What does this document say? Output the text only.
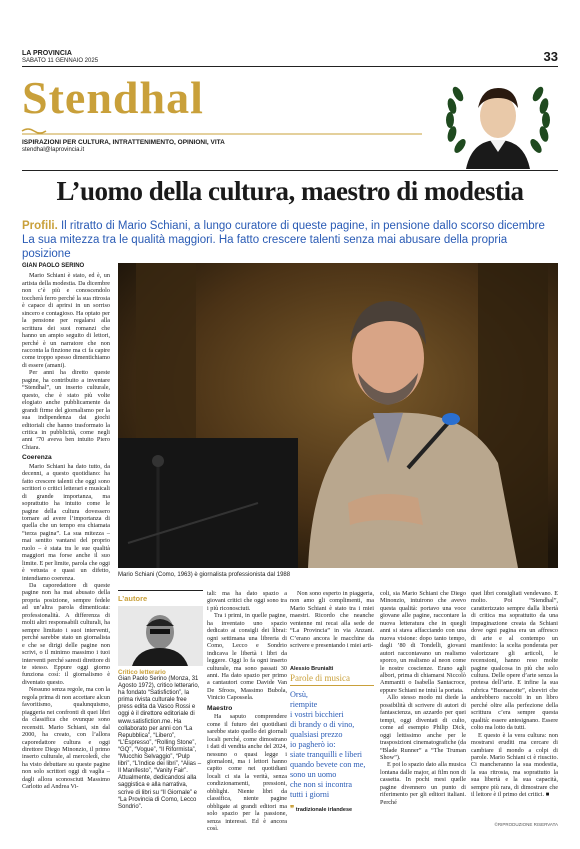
LA PROVINCIA
SABATO 11 GENNAIO 2025	33
Stendhal
ISPIRAZIONI PER CULTURA, INTRATTENIMENTO, OPINIONI, VITA
stendhal@laprovincia.it
L’uomo della cultura, maestro di modestia
Profili. Il ritratto di Mario Schiani, a lungo curatore di queste pagine, in pensione dallo scorso dicembre La sua mitezza tra le qualità maggiori. Ha fatto crescere talenti senza mai abusare della propria posizione
GIAN PAOLO SERINO

Mario Schiani è stato, ed è, un artista della modestia. Da dicembre non c’è più e conoscendolo toccherà ferro perché la sua ritrosia è capace di aprirsi in un sorriso sincero e contagioso. Ha optato per la pensione per regalarsi alla scrittura dei suoi romanzi che hanno un ampio seguito di lettori, perché è un narratore che non racconta la finzione ma ci fa capire come troppo spesso dimentichiamo di essere (amani).

Per anni ha diretto queste pagine, ha contribuito a inventare “Stendhal”, un inserto culturale, questo, che è stato più volte elogiato anche pubblicamente da grandi firme del giornalismo per la sua indipendenza dai giochi editoriali che hanno trasformato la critica in pubblicità, come negli anni ’70 aveva ben intuito Piero Chiara.

Coerenza

Mario Schiani ha dato tutto, da decenni, a questo quotidiano: ha fatto crescere talenti che oggi sono scrittori o critici letterari e musicali di grande importanza, ma soprattutto ha intuito come le pagine della cultura dovessero tornare ad avere l’importanza di quella che un tempo era chiamata “terza pagina”. La sua mitezza – mai sentito vantarsi del proprio ruolo – è stata tra le sue qualità maggiori ma forse anche il suo limite. E per limite, parola che oggi è vetusta e quasi un difetto, intendiamo coerenza.

Da caporedattore di queste pagine non ha mai abusato della propria posizione, sempre fedele ad un’altra parola dimenticata: professionalità. A differenza di molti altri responsabili culturali, ha sempre limitato i suoi interventi, perché sarebbe stato un giornalista e che se dirigi delle pagine non scrivi, o il minimo massimo i tuoi interventi perché saresti direttore di te stesso. Eppure oggi giorno funziona così: il giornalismo è diventato questo.

Nessuno senza regole, ma con la regola prima di non accettare alcun favoritismo, qualunquismo, piaggeria nei confronti di quei libri da classifica che ovunque sono recensiti. Mario Schiani, sin dal 2000, ha creato, con l’allora caporedattore cultura e oggi direttore Diego Minonzio, il primo inserto culturale, al mercoledì, che ha visto debuttare su queste pagine non solo scrittori oggi di vaglia – dagli allora sconosciuti Massimo Carlotto ad Andrea Vi-

Mario Schiani (Como, 1963) è giornalista professionista dal 1988
L’autore
Critico letterario
Gian Paolo Serino (Monza, 31 Agosto 1972), critico letterario, ha fondato “Satisfiction”, la prima rivista culturale free press edita da Vasco Rossi e oggi è il direttore editoriale di www.satisfiction.me. Ha collaborato per anni con “La Repubblica”, “Libero”, “L’Espresso”, “Rolling Stone”, “GQ”, “Vogue”, “Il Riformista”, “Mucchio Selvaggio”, “Pulp libri”, “L’Indice dei libri”, “Alias – Il Manifesto”, “Vanity Fair”. Attualmente, dedicandosi alla saggistica e alla narrativa, scrive di libri su “Il Giornale” e “La Provincia di Como, Lecco Sondrio”.

tali: ma ha dato spazio a giovani critici che oggi sono tra i più riconosciuti.

Tra i primi, in quelle pagine, ha inventato uno spazio dedicato ai consigli dei librai: ogni settimana una libreria di Como, Lecco e Sondrio indicava le libertà i libri da leggere. Oggi lo fa ogni inserto culturale, ma sono passati 30 anni. Ha dato spazio per primo a cantautori come Davide Van De Sfroos, Massimo Bubola, Vinicio Capossela.

Maestro

Ha saputo comprendere come il futuro dei quotidiani sarebbe stato quello dei giornali locali perché, come dimostrano i dati di vendita anche del 2024, nessuno o quasi legge i giornaloni, ma i lettori hanno capito come nei quotidiani locali ci sia la verità, senza condizionamenti, pressioni, obblighi. Niente libri da classifica, niente pagine obbligate ai grandi editori ma solo spazio per la passione, senza interessi. Ed è ancora così.

Non sono esperto in piaggeria, non amo gli complimenti, ma Mario Schiani è stato tra i miei maestri. Ricordo che neanche ventenne mi recai alla sede de “La Provincia” in via Anzani. C’erano ancora le macchine da scrivere e presentando i miei arti-

Alessio Brunialti
Parole di musica
Orsù,
riempite
i vostri bicchieri
di brandy o di vino,
qualsiasi prezzo
io pagherò io:
siate tranquilli e liberi
quando bevete con me,
sono un uomo
che non si incontra
tutti i giorni
❞ tradizionale irlandese

coli, sia Mario Schiani che Diego Minonzio, intuirono che avevo questa qualità: portavo una voce giovane alle pagine, raccontare la nuova letteratura che in quegli anni si stava affacciando con una nuova visione: dopo tanto tempo, dagli ’80 di Tondelli, giovani autori raccontavano un realismo sporco, un realismo al neon come le nostre coscienze. Erano agli albori, prima di chiamarsi Niccolò Ammaniti o Isabella Santacroce, eppure Schiani ne intuì la portata.

Allo stesso modo mi diede la possibilità di scrivere di autori di fantascienza, un azzardo per quei tempi, oggi diventati di culto, come ad esempio Philip Dick, oggi lettissimo anche per le trasposizioni cinematografiche (da “Blade Runner” a “The Truman Show”).

E poi lo spazio dato alla musica lontana dalle major, ai film non di cassetta. In pochi mesi quelle pagine divennero un punto di riferimento per gli editori italiani. Perché

quei libri consigliati vendevano. E molto. Poi “Stendhal”, caratterizzato sempre dalla libertà di critica ma soprattutto da una impaginazione creata da Schiani dove ogni pagina era un affresco di arte e al contempo un manifesto: la scelta ponderata per valorizzare gli articoli, le recensioni, hanno reso molte pagine qualcosa in più che solo cultura. Delle opere d’arte senza la pretesa dell’arte. E infine la sua rubrica “Buonanotte”, elzeviri che andrebbero raccolti in un libro perché oltre alla perfezione della scrittura c’era sempre questa qualità: essere antesignano. Essere colto ma lotto da tutti.

E questo è la vera cultura: non mostrarsi eruditi ma cercare di cambiare il mondo a colpi di parole. Mario Schiani ci è riuscito. Ci mancheranno la sua modestia, la sua ritrosia, ma soprattutto la sua libertà e la sua capacità, sempre più rara, di dimostrare che il lettore è il primo dei critici. ■

©RIPRODUZIONE RISERVATA
